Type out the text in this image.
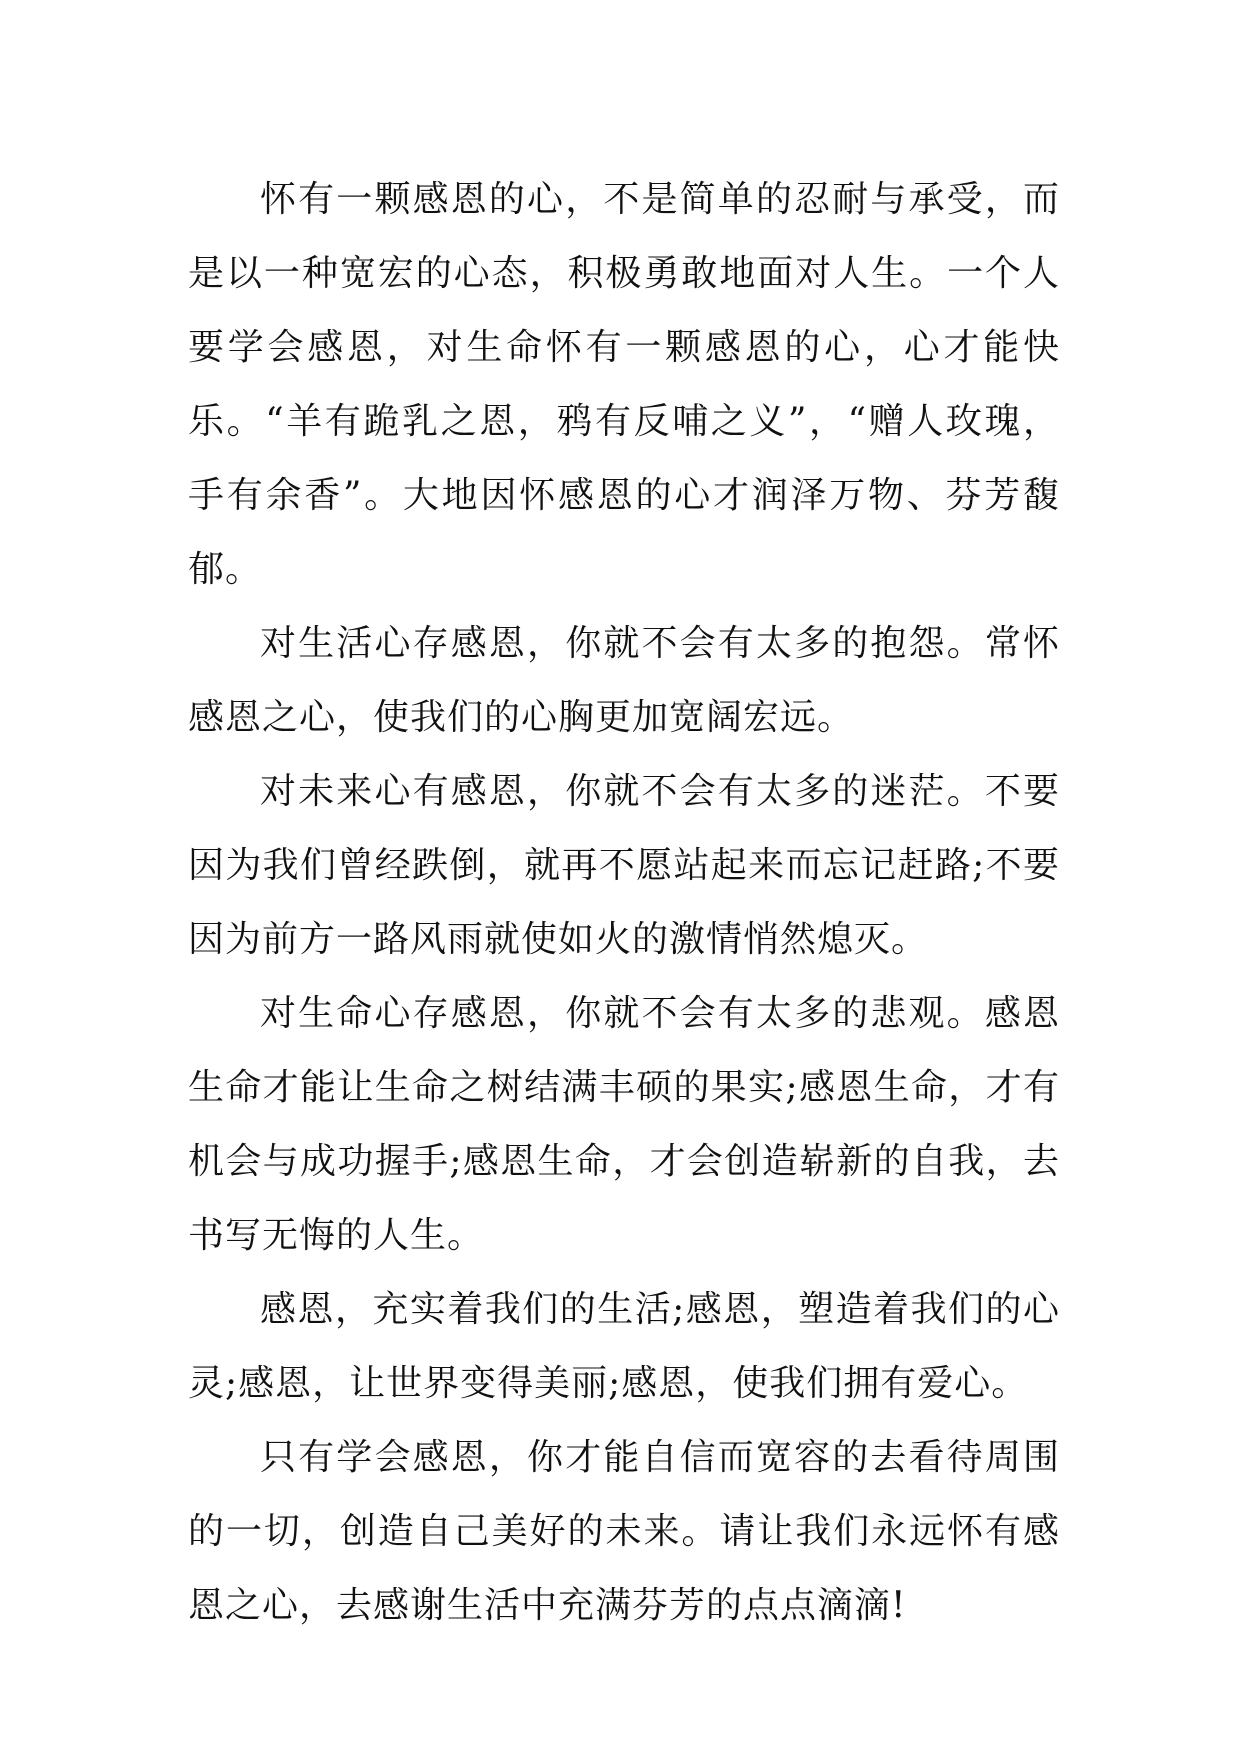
怀有一颗感恩的心，不是简单的忍耐与承受，而是以一种宽宏的心态，积极勇敢地面对人生。一个人要学会感恩，对生命怀有一颗感恩的心，心才能快乐。“羊有跪乳之恩，鸦有反哺之义”，“赠人玫瑰，手有余香”。大地因怀感恩的心才润泽万物、芬芳馥郁。

对生活心存感恩，你就不会有太多的抱怨。常怀感恩之心，使我们的心胸更加宽阔宏远。

对未来心有感恩，你就不会有太多的迷茫。不要因为我们曾经跌倒，就再不愿站起来而忘记赶路;不要因为前方一路风雨就使如火的激情悄然熄灭。

对生命心存感恩，你就不会有太多的悲观。感恩生命才能让生命之树结满丰硕的果实;感恩生命，才有机会与成功握手;感恩生命，才会创造崭新的自我，去书写无悔的人生。

感恩，充实着我们的生活;感恩，塑造着我们的心灵;感恩，让世界变得美丽;感恩，使我们拥有爱心。

只有学会感恩，你才能自信而宽容的去看待周围的一切，创造自己美好的未来。请让我们永远怀有感恩之心，去感谢生活中充满芬芳的点点滴滴!
